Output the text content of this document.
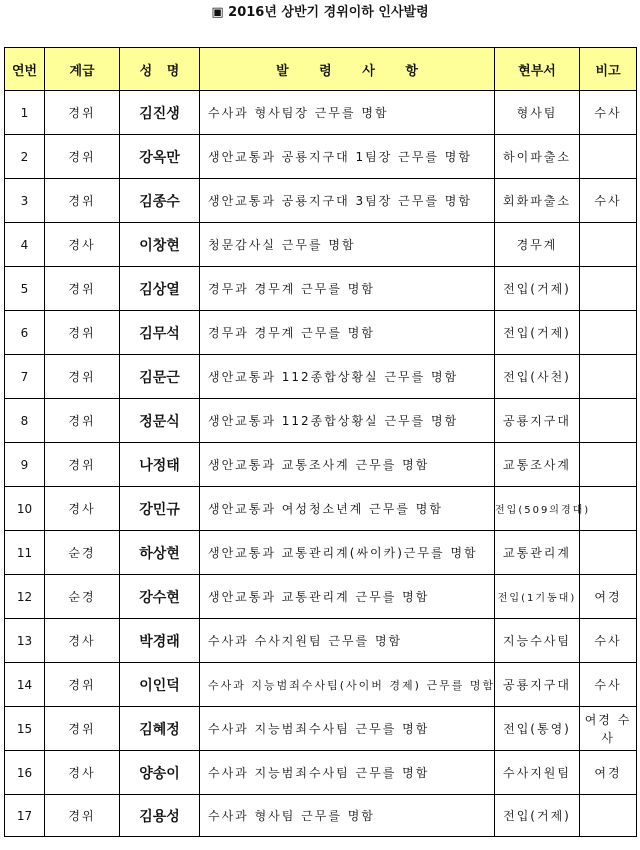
▣ 2016년 상반기 경위이하 인사발령
연번	계급	성 명	발 령 사 항	현부서	비고
1	경위	김진생	수사과 형사팀장 근무를 명함	형사팀	수사
2	경위	강옥만	생안교통과 공룡지구대 1팀장 근무를 명함	하이파출소	
3	경위	김종수	생안교통과 공룡지구대 3팀장 근무를 명함	회화파출소	수사
4	경사	이창현	청문감사실 근무를 명함	경무계	
5	경위	김상열	경무과 경무계 근무를 명함	전입(거제)	
6	경위	김무석	경무과 경무계 근무를 명함	전입(거제)	
7	경위	김문근	생안교통과 112종합상황실 근무를 명함	전입(사천)	
8	경위	정문식	생안교통과 112종합상황실 근무를 명함	공룡지구대	
9	경위	나정태	생안교통과 교통조사계 근무를 명함	교통조사계	
10	경사	강민규	생안교통과 여성청소년계 근무를 명함	전입(509의경대)	
11	순경	하상현	생안교통과 교통관리계(싸이카)근무를 명함	교통관리계	
12	순경	강수현	생안교통과 교통관리계 근무를 명함	전입(1기동대)	여경
13	경사	박경래	수사과 수사지원팀 근무를 명함	지능수사팀	수사
14	경위	이인덕	수사과 지능범죄수사팀(사이버 경제) 근무를 명함	공룡지구대	수사
15	경위	김혜정	수사과 지능범죄수사팀 근무를 명함	전입(통영)	여경 수사
16	경사	양송이	수사과 지능범죄수사팀 근무를 명함	수사지원팀	여경
17	경위	김용성	수사과 형사팀 근무를 명함	전입(거제)	
